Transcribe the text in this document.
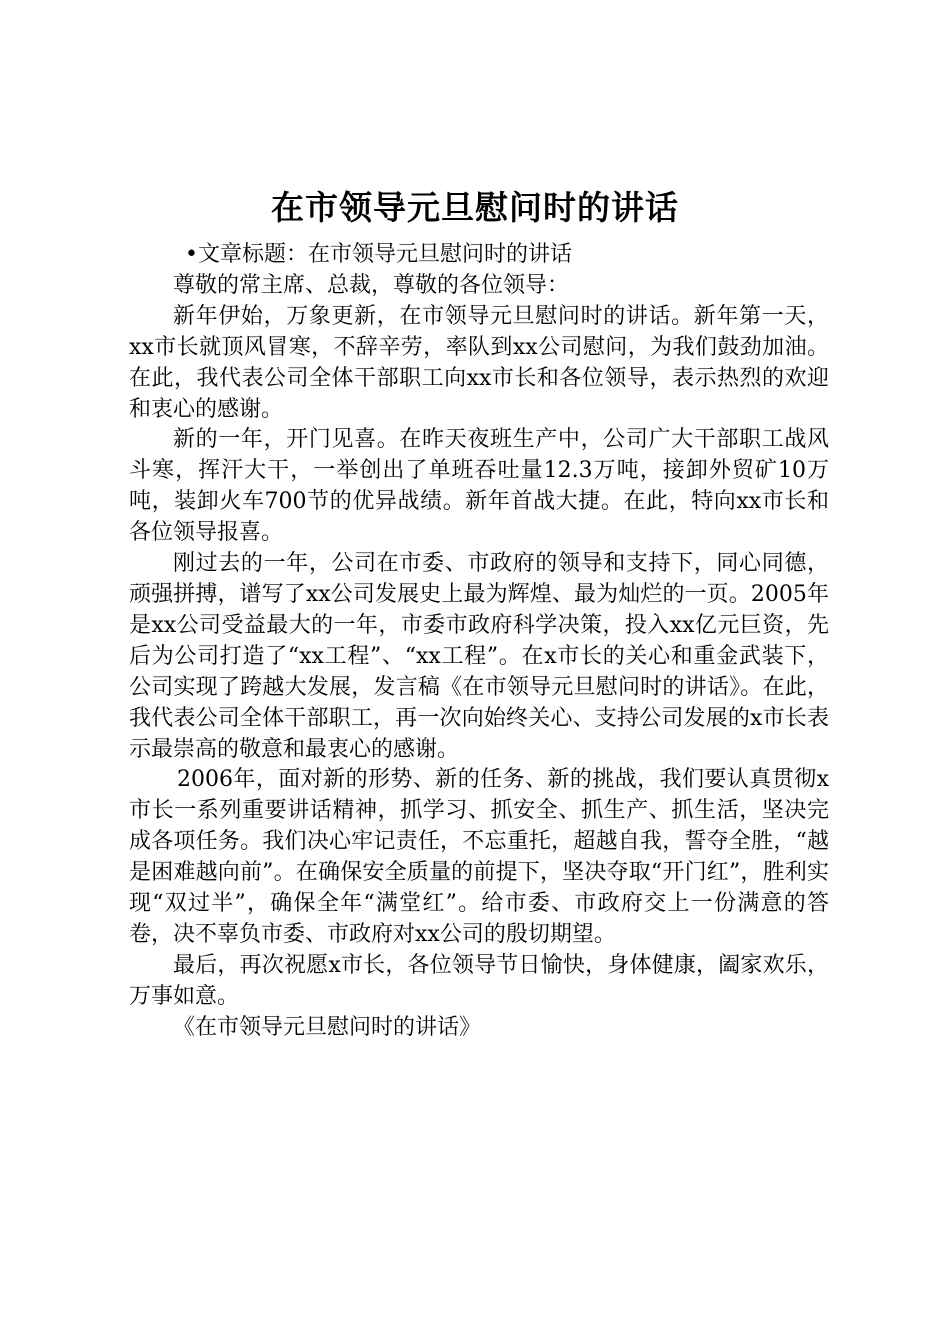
在市领导元旦慰问时的讲话

•文章标题：在市领导元旦慰问时的讲话

尊敬的常主席、总裁，尊敬的各位领导：

新年伊始，万象更新，在市领导元旦慰问时的讲话。新年第一天，xx市长就顶风冒寒，不辞辛劳，率队到xx公司慰问，为我们鼓劲加油。在此，我代表公司全体干部职工向xx市长和各位领导，表示热烈的欢迎和衷心的感谢。

新的一年，开门见喜。在昨天夜班生产中，公司广大干部职工战风斗寒，挥汗大干，一举创出了单班吞吐量12.3万吨，接卸外贸矿10万吨，装卸火车700节的优异战绩。新年首战大捷。在此，特向xx市长和各位领导报喜。

刚过去的一年，公司在市委、市政府的领导和支持下，同心同德，顽强拼搏，谱写了xx公司发展史上最为辉煌、最为灿烂的一页。2005年是xx公司受益最大的一年，市委市政府科学决策，投入xx亿元巨资，先后为公司打造了“xx工程”、“xx工程”。在x市长的关心和重金武装下，公司实现了跨越大发展，发言稿《在市领导元旦慰问时的讲话》。在此，我代表公司全体干部职工，再一次向始终关心、支持公司发展的x市长表示最崇高的敬意和最衷心的感谢。

2006年，面对新的形势、新的任务、新的挑战，我们要认真贯彻x市长一系列重要讲话精神，抓学习、抓安全、抓生产、抓生活，坚决完成各项任务。我们决心牢记责任，不忘重托，超越自我，誓夺全胜，“越是困难越向前”。在确保安全质量的前提下，坚决夺取“开门红”，胜利实现“双过半”，确保全年“满堂红”。给市委、市政府交上一份满意的答卷，决不辜负市委、市政府对xx公司的殷切期望。

最后，再次祝愿x市长，各位领导节日愉快，身体健康，阖家欢乐，万事如意。

《在市领导元旦慰问时的讲话》
